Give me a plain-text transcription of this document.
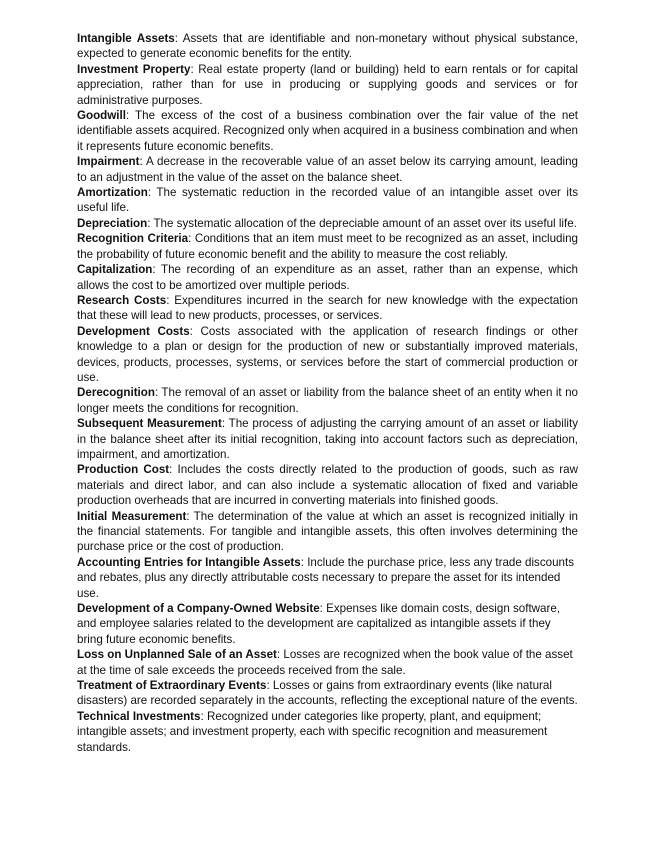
Intangible Assets: Assets that are identifiable and non-monetary without physical substance, expected to generate economic benefits for the entity.

Investment Property: Real estate property (land or building) held to earn rentals or for capital appreciation, rather than for use in producing or supplying goods and services or for administrative purposes.

Goodwill: The excess of the cost of a business combination over the fair value of the net identifiable assets acquired. Recognized only when acquired in a business combination and when it represents future economic benefits.

Impairment: A decrease in the recoverable value of an asset below its carrying amount, leading to an adjustment in the value of the asset on the balance sheet.

Amortization: The systematic reduction in the recorded value of an intangible asset over its useful life.

Depreciation: The systematic allocation of the depreciable amount of an asset over its useful life.

Recognition Criteria: Conditions that an item must meet to be recognized as an asset, including the probability of future economic benefit and the ability to measure the cost reliably.

Capitalization: The recording of an expenditure as an asset, rather than an expense, which allows the cost to be amortized over multiple periods.

Research Costs: Expenditures incurred in the search for new knowledge with the expectation that these will lead to new products, processes, or services.

Development Costs: Costs associated with the application of research findings or other knowledge to a plan or design for the production of new or substantially improved materials, devices, products, processes, systems, or services before the start of commercial production or use.

Derecognition: The removal of an asset or liability from the balance sheet of an entity when it no longer meets the conditions for recognition.

Subsequent Measurement: The process of adjusting the carrying amount of an asset or liability in the balance sheet after its initial recognition, taking into account factors such as depreciation, impairment, and amortization.

Production Cost: Includes the costs directly related to the production of goods, such as raw materials and direct labor, and can also include a systematic allocation of fixed and variable production overheads that are incurred in converting materials into finished goods.

Initial Measurement: The determination of the value at which an asset is recognized initially in the financial statements. For tangible and intangible assets, this often involves determining the purchase price or the cost of production.

Accounting Entries for Intangible Assets: Include the purchase price, less any trade discounts and rebates, plus any directly attributable costs necessary to prepare the asset for its intended use.

Development of a Company-Owned Website: Expenses like domain costs, design software, and employee salaries related to the development are capitalized as intangible assets if they bring future economic benefits.

Loss on Unplanned Sale of an Asset: Losses are recognized when the book value of the asset at the time of sale exceeds the proceeds received from the sale.

Treatment of Extraordinary Events: Losses or gains from extraordinary events (like natural disasters) are recorded separately in the accounts, reflecting the exceptional nature of the events.

Technical Investments: Recognized under categories like property, plant, and equipment; intangible assets; and investment property, each with specific recognition and measurement standards.
